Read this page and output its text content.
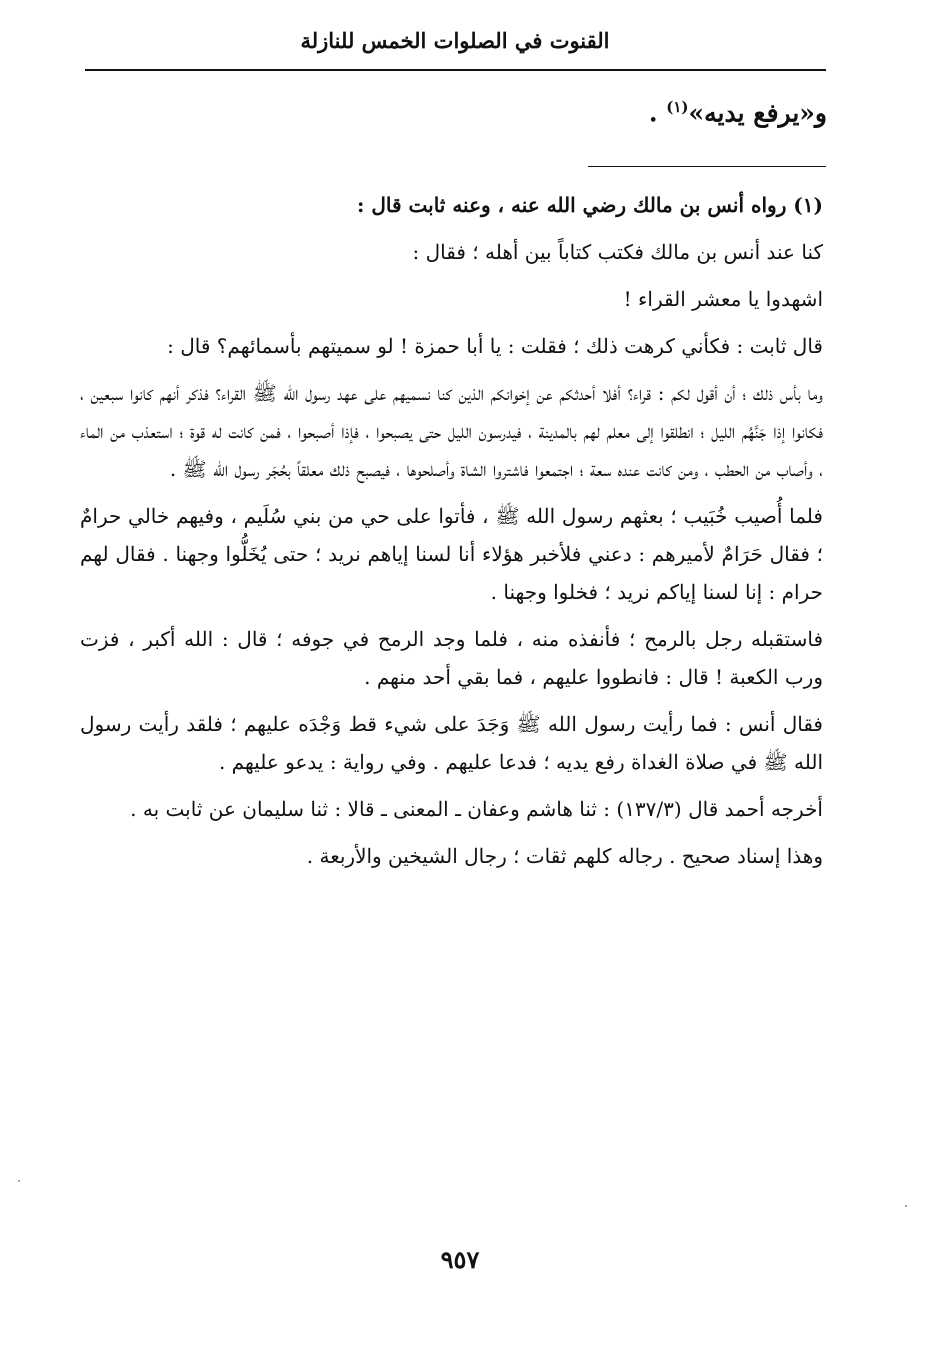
القنوت في الصلوات الخمس للنازلة
و«يرفع يديه»$^{(١)}$ .

(١) رواه أنس بن مالك رضي الله عنه ، وعنه ثابت قال :

كنا عند أنس بن مالك فكتب كتاباً بين أهله ؛ فقال :

اشهدوا يا معشر القراء !

قال ثابت : فكأني كرهت ذلك ؛ فقلت : يا أبا حمزة ! لو سميتهم بأسمائهم؟ قال :

وما بأس ذلك ؛ أن أقول لكم : قراء؟ أفلا أحدثكم عن إخوانكم الذين كنا نسميهم على عهد رسول الله ﷺ القراء؟ فذكر أنهم كانوا سبعين ، فكانوا إذا جَنَّهُم الليل ؛ انطلقوا إلى معلم لهم بالمدينة ، فيدرسون الليل حتى يصبحوا ، فإذا أصبحوا ، فمن كانت له قوة ؛ استعذب من الماء ، وأصاب من الحطب ، ومن كانت عنده سعة ؛ اجتمعوا فاشتروا الشاة وأصلحوها ، فيصبح ذلك معلقاً بحُجَر رسول الله ﷺ .

فلما أُصيب خُبَيب ؛ بعثهم رسول الله ﷺ ، فأتوا على حي من بني سُلَيم ، وفيهم خالي حرامٌ ؛ فقال حَرَامٌ لأميرهم : دعني فلأخبر هؤلاء أنا لسنا إياهم نريد ؛ حتى يُخَلُّوا وجهنا . فقال لهم حرام : إنا لسنا إياكم نريد ؛ فخلوا وجهنا .

فاستقبله رجل بالرمح ؛ فأنفذه منه ، فلما وجد الرمح في جوفه ؛ قال : الله أكبر ، فزت ورب الكعبة ! قال : فانطووا عليهم ، فما بقي أحد منهم .

فقال أنس : فما رأيت رسول الله ﷺ وَجَدَ على شيء قط وَجْدَه عليهم ؛ فلقد رأيت رسول الله ﷺ في صلاة الغداة رفع يديه ؛ فدعا عليهم . وفي رواية : يدعو عليهم .

أخرجه أحمد قال (١٣٧/٣) : ثنا هاشم وعفان ـ المعنى ـ قالا : ثنا سليمان عن ثابت به .

وهذا إسناد صحيح . رجاله كلهم ثقات ؛ رجال الشيخين والأربعة .

٩٥٧
